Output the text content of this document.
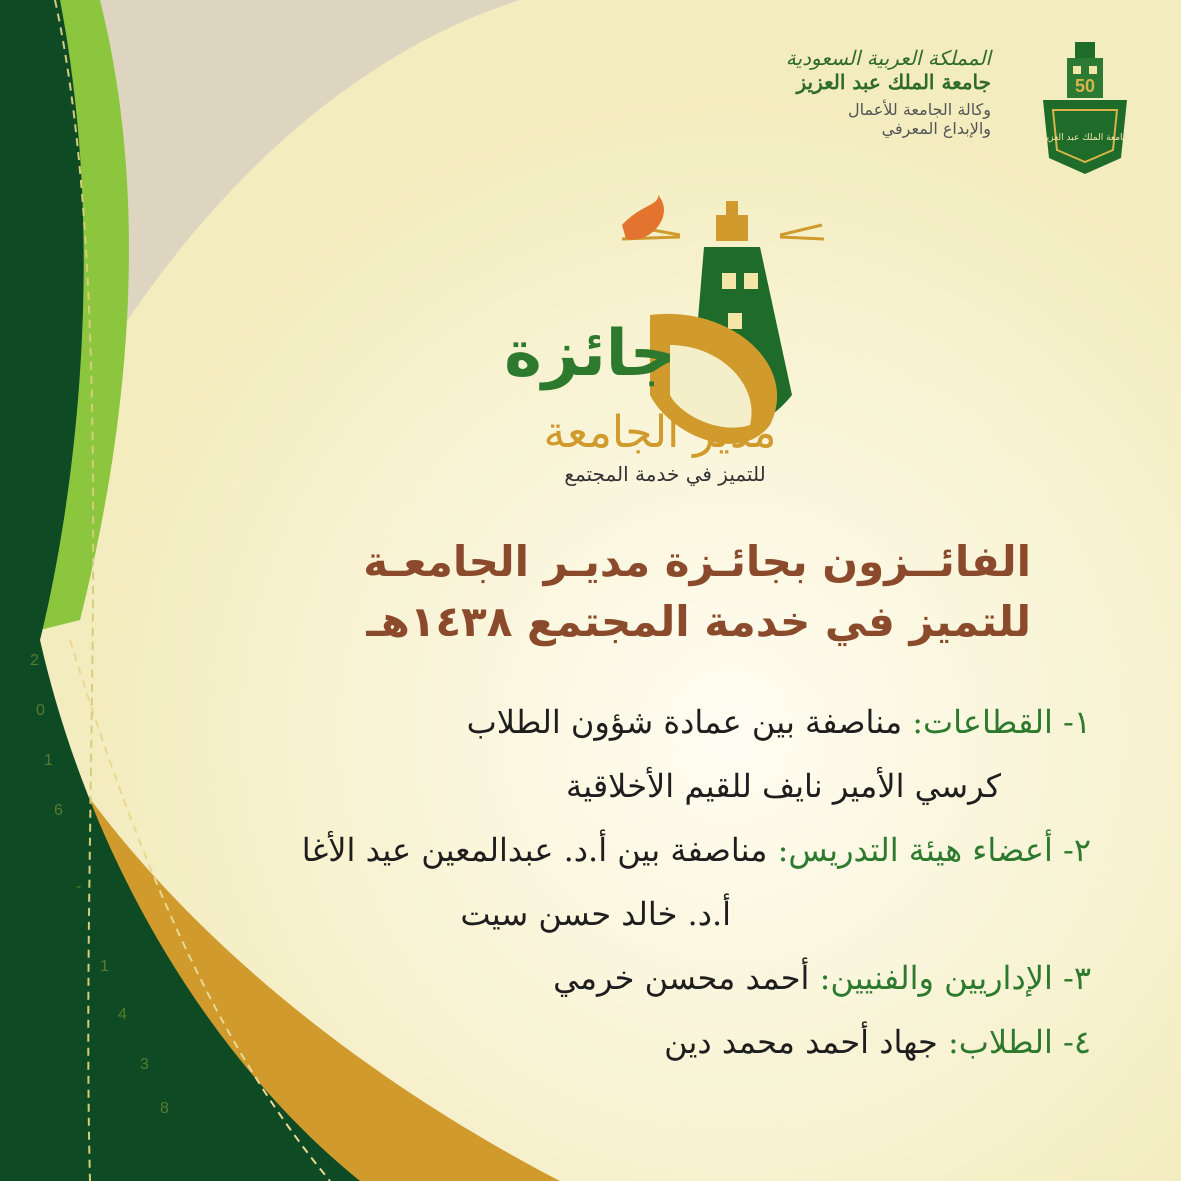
2
0
1
6
-
1
4
3
8
المملكة العربية السعودية
جامعة الملك عبد العزيز
وكالة الجامعة للأعمال
والإبداع المعرفي
50
جامعة الملك عبد العزيز
جائزة
مدير الجامعة
للتميز في خدمة المجتمع
الفائــزون بجائـزة مديـر الجامعـة
للتميز في خدمة المجتمع ١٤٣٨هـ
١- القطاعات: مناصفة بين عمادة شؤون الطلاب
كرسي الأمير نايف للقيم الأخلاقية
٢- أعضاء هيئة التدريس: مناصفة بين أ.د. عبدالمعين عيد الأغا
أ.د. خالد حسن سيت
٣- الإداريين والفنيين: أحمد محسن خرمي
٤- الطلاب: جهاد أحمد محمد دين
